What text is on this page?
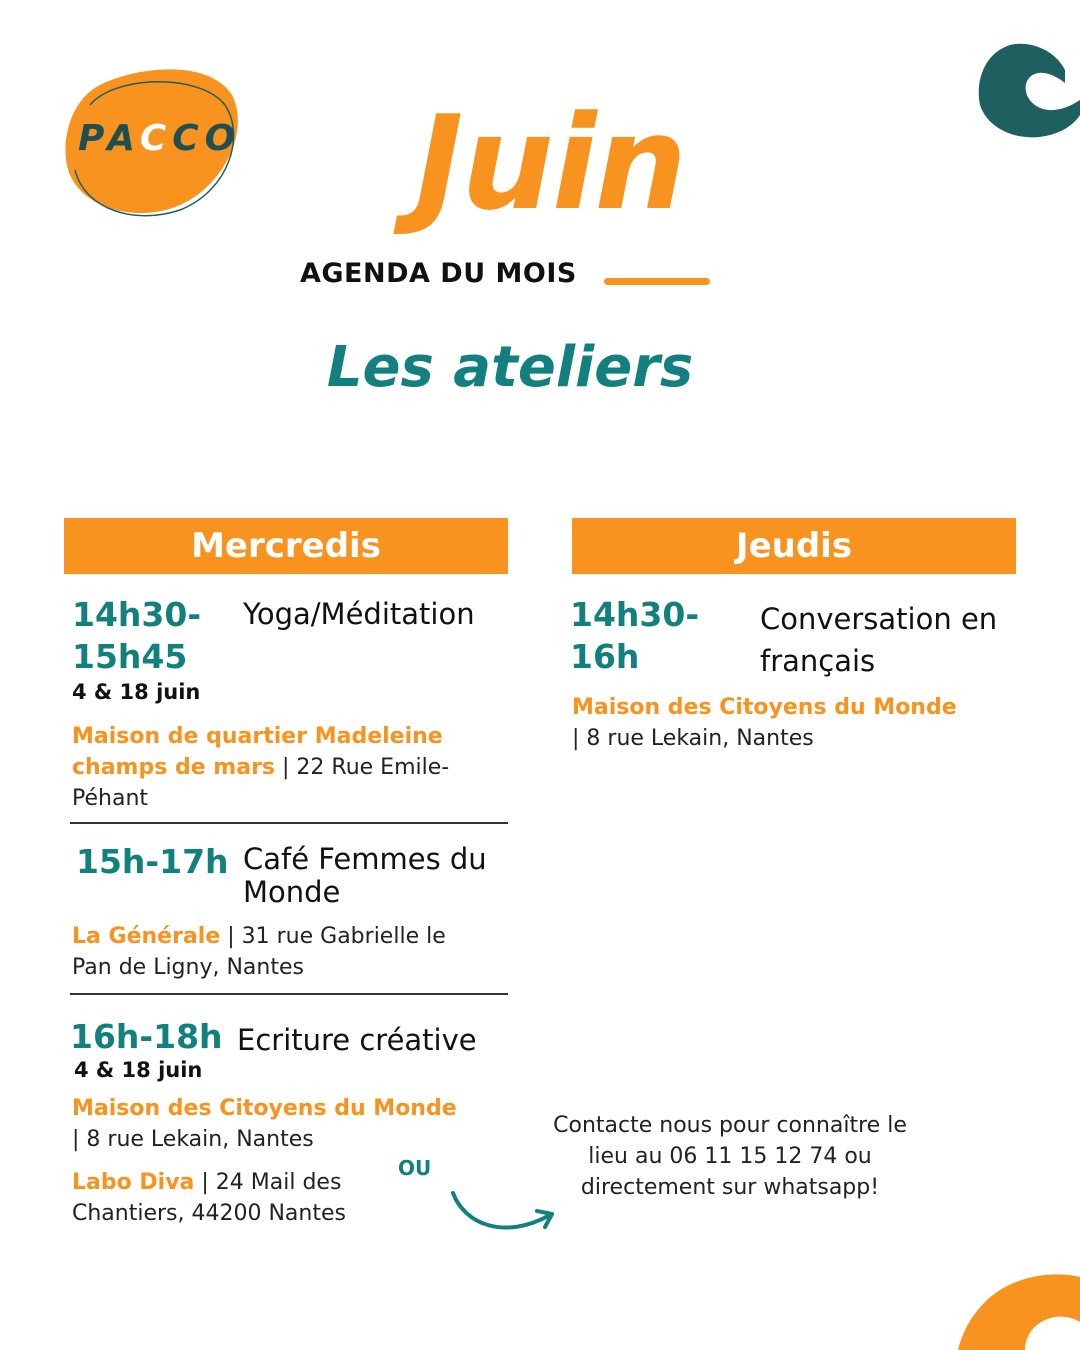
PACCO Juin
AGENDA DU MOIS
Les ateliers
Mercredis	Jeudis
14h30-
15h45
Yoga/Méditation
4 & 18 juin
Maison de quartier Madeleine champs de mars | 22 Rue Emile-Péhant
15h-17h Café Femmes du Monde
La Générale | 31 rue Gabrielle le Pan de Ligny, Nantes
16h-18h Ecriture créative
4 & 18 juin
Maison des Citoyens du Monde
| 8 rue Lekain, Nantes
Labo Diva | 24 Mail des Chantiers, 44200 Nantes
OU
14h30-
16h
Conversation en français
Maison des Citoyens du Monde
| 8 rue Lekain, Nantes
Contacte nous pour connaître le lieu au 06 11 15 12 74 ou directement sur whatsapp!
